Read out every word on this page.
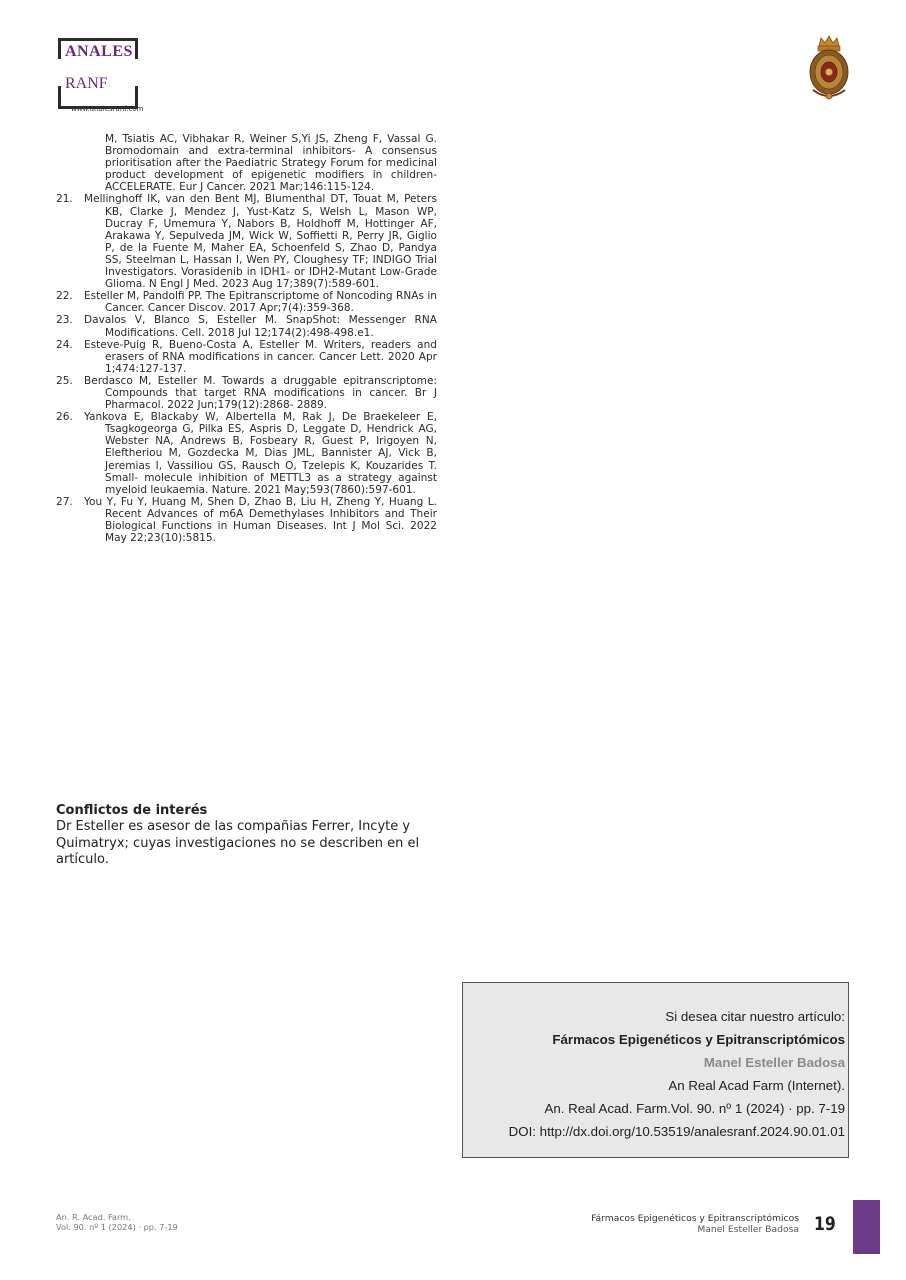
ANALES
RANF
www.analesranf.com

M, Tsiatis AC, Vibhakar R, Weiner S,Yi JS, Zheng F, Vassal G. Bromodomain and extra-terminal inhibitors- A consensus prioritisation after the Paediatric Strategy Forum for medicinal product development of epigenetic modifiers in children-ACCELERATE. Eur J Cancer. 2021 Mar;146:115-124.

21. Mellinghoff IK, van den Bent MJ, Blumenthal DT, Touat M, Peters KB, Clarke J, Mendez J, Yust-Katz S, Welsh L, Mason WP, Ducray F, Umemura Y, Nabors B, Holdhoff M, Hottinger AF, Arakawa Y, Sepulveda JM, Wick W, Soffietti R, Perry JR, Giglio P, de la Fuente M, Maher EA, Schoenfeld S, Zhao D, Pandya SS, Steelman L, Hassan I, Wen PY, Cloughesy TF; INDIGO Trial Investigators. Vorasidenib in IDH1- or IDH2-Mutant Low-Grade Glioma. N Engl J Med. 2023 Aug 17;389(7):589-601.
22. Esteller M, Pandolfi PP. The Epitranscriptome of Noncoding RNAs in Cancer. Cancer Discov. 2017 Apr;7(4):359-368.
23. Davalos V, Blanco S, Esteller M. SnapShot: Messenger RNA Modifications. Cell. 2018 Jul 12;174(2):498-498.e1.
24. Esteve-Puig R, Bueno-Costa A, Esteller M. Writers, readers and erasers of RNA modifications in cancer. Cancer Lett. 2020 Apr 1;474:127-137.
25. Berdasco M, Esteller M. Towards a druggable epitranscriptome: Compounds that target RNA modifications in cancer. Br J Pharmacol. 2022 Jun;179(12):2868- 2889.
26. Yankova E, Blackaby W, Albertella M, Rak J, De Braekeleer E, Tsagkogeorga G, Pilka ES, Aspris D, Leggate D, Hendrick AG, Webster NA, Andrews B, Fosbeary R, Guest P, Irigoyen N, Eleftheriou M, Gozdecka M, Dias JML, Bannister AJ, Vick B, Jeremias I, Vassiliou GS, Rausch O, Tzelepis K, Kouzarides T. Small- molecule inhibition of METTL3 as a strategy against myeloid leukaemia. Nature. 2021 May;593(7860):597-601.
27. You Y, Fu Y, Huang M, Shen D, Zhao B, Liu H, Zheng Y, Huang L. Recent Advances of m6A Demethylases Inhibitors and Their Biological Functions in Human Diseases. Int J Mol Sci. 2022 May 22;23(10):5815.
Conflictos de interés

Dr Esteller es asesor de las compañias Ferrer, Incyte y Quimatryx; cuyas investigaciones no se describen en el artículo.

Si desea citar nuestro artículo:
Fármacos Epigenéticos y Epitranscriptómicos
Manel Esteller Badosa
An Real Acad Farm (Internet).
An. Real Acad. Farm.Vol. 90. nº 1 (2024) · pp. 7-19
DOI: http://dx.doi.org/10.53519/analesranf.2024.90.01.01
An. R. Acad. Farm.
Vol. 90. nº 1 (2024) · pp. 7-19
Fármacos Epigenéticos y Epitranscriptómicos
Manel Esteller Badosa 19
